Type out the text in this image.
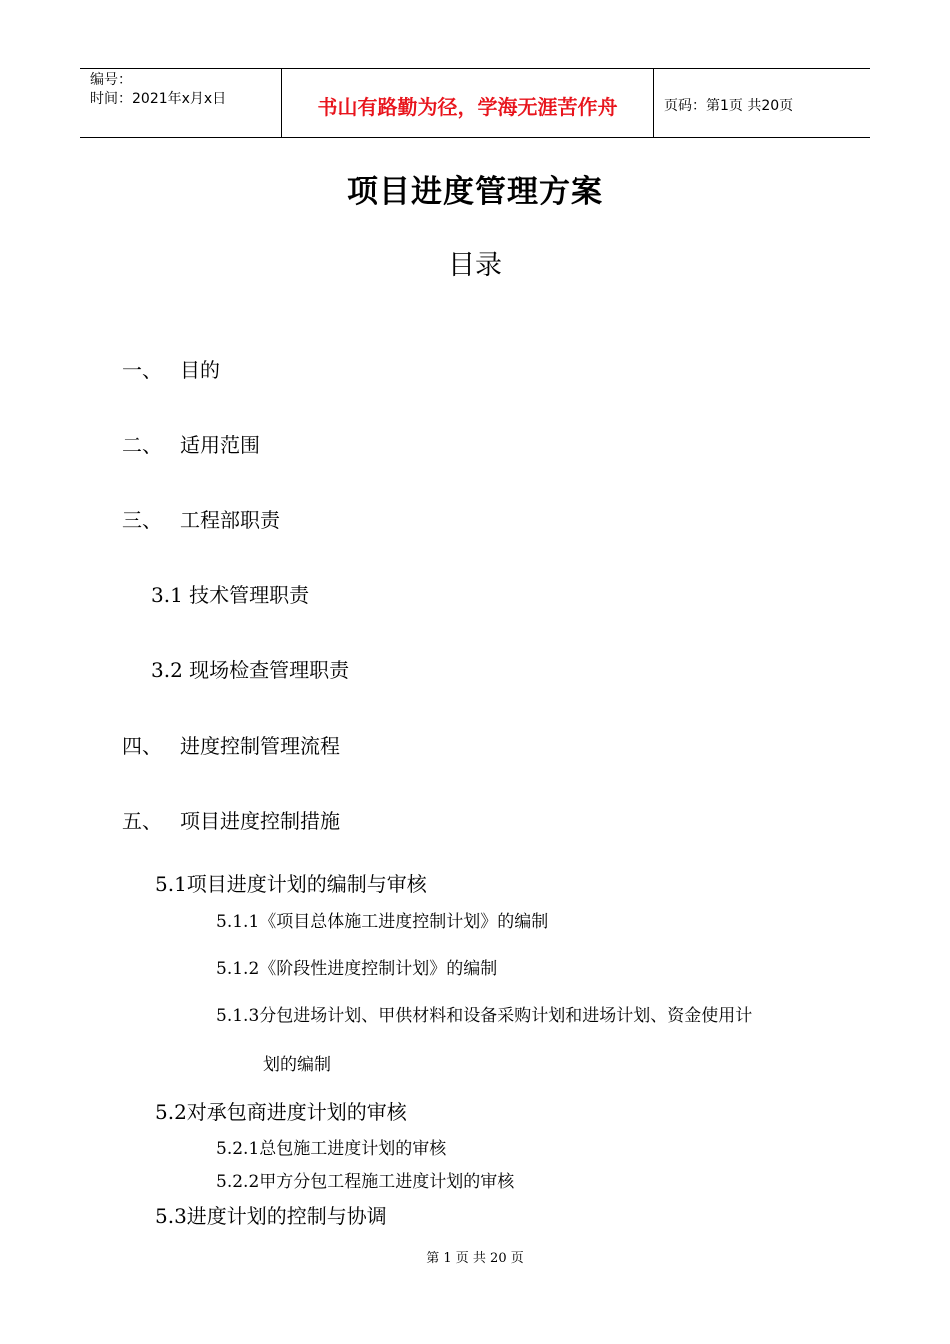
编号：
时间：2021年x月x日	书山有路勤为径，学海无涯苦作舟	页码：第1页 共20页
项目进度管理方案
目录
一、 目的
二、 适用范围
三、 工程部职责
3.1 技术管理职责
3.2 现场检查管理职责
四、 进度控制管理流程
五、 项目进度控制措施
5.1项目进度计划的编制与审核
5.1.1《项目总体施工进度控制计划》的编制
5.1.2《阶段性进度控制计划》的编制
5.1.3分包进场计划、甲供材料和设备采购计划和进场计划、资金使用计
划的编制
5.2对承包商进度计划的审核
5.2.1总包施工进度计划的审核
5.2.2甲方分包工程施工进度计划的审核
5.3进度计划的控制与协调
第 1 页 共 20 页
